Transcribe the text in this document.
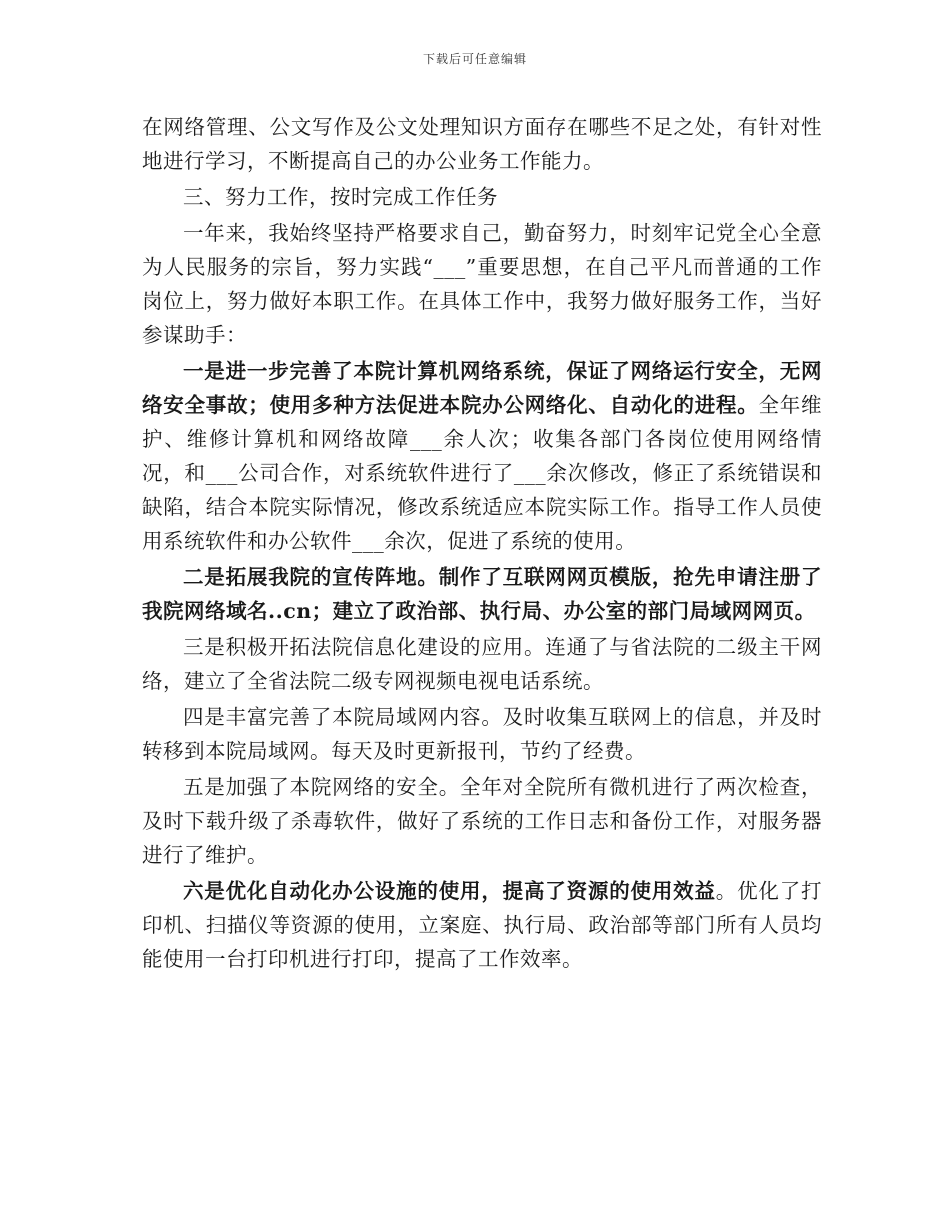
下载后可任意编辑

在网络管理、公文写作及公文处理知识方面存在哪些不足之处，有针对性地进行学习，不断提高自己的办公业务工作能力。

三、努力工作，按时完成工作任务

一年来，我始终坚持严格要求自己，勤奋努力，时刻牢记党全心全意为人民服务的宗旨，努力实践“___”重要思想，在自己平凡而普通的工作岗位上，努力做好本职工作。在具体工作中，我努力做好服务工作，当好参谋助手：

一是进一步完善了本院计算机网络系统，保证了网络运行安全，无网络安全事故；使用多种方法促进本院办公网络化、自动化的进程。全年维护、维修计算机和网络故障___余人次；收集各部门各岗位使用网络情况，和___公司合作，对系统软件进行了___余次修改，修正了系统错误和缺陷，结合本院实际情况，修改系统适应本院实际工作。指导工作人员使用系统软件和办公软件___余次，促进了系统的使用。

二是拓展我院的宣传阵地。制作了互联网网页模版，抢先申请注册了我院网络域名..cn；建立了政治部、执行局、办公室的部门局域网网页。

三是积极开拓法院信息化建设的应用。连通了与省法院的二级主干网络，建立了全省法院二级专网视频电视电话系统。

四是丰富完善了本院局域网内容。及时收集互联网上的信息，并及时转移到本院局域网。每天及时更新报刊，节约了经费。

五是加强了本院网络的安全。全年对全院所有微机进行了两次检查，及时下载升级了杀毒软件，做好了系统的工作日志和备份工作，对服务器进行了维护。

六是优化自动化办公设施的使用，提高了资源的使用效益。优化了打印机、扫描仪等资源的使用，立案庭、执行局、政治部等部门所有人员均能使用一台打印机进行打印，提高了工作效率。
